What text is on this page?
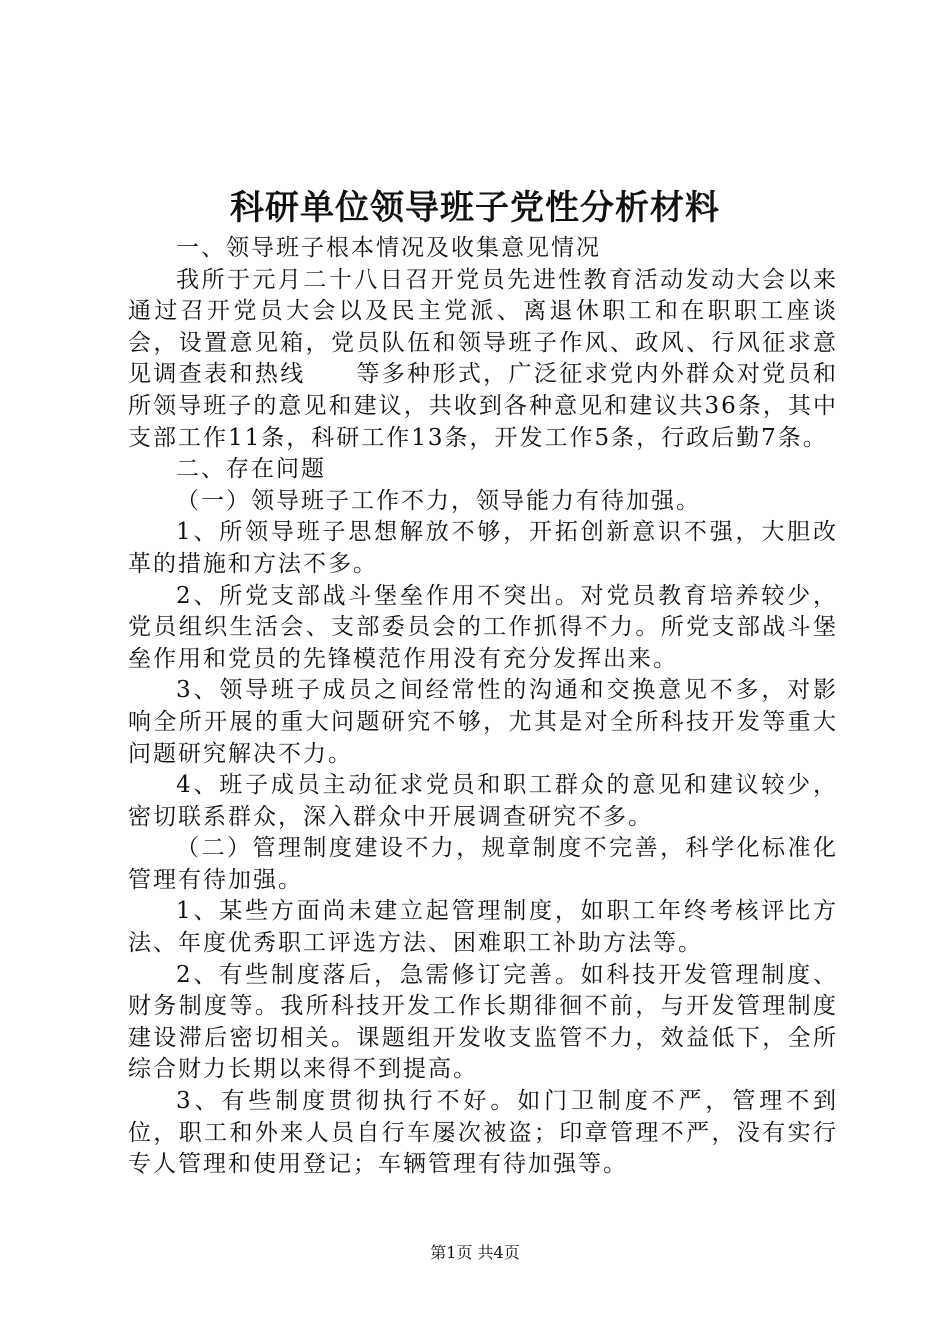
科研单位领导班子党性分析材料

一、领导班子根本情况及收集意见情况

我所于元月二十八日召开党员先进性教育活动发动大会以来通过召开党员大会以及民主党派、离退休职工和在职职工座谈会，设置意见箱，党员队伍和领导班子作风、政风、行风征求意见调查表和热线　　等多种形式，广泛征求党内外群众对党员和所领导班子的意见和建议，共收到各种意见和建议共36条，其中支部工作11条，科研工作13条，开发工作5条，行政后勤7条。

二、存在问题

（一）领导班子工作不力，领导能力有待加强。

1、所领导班子思想解放不够，开拓创新意识不强，大胆改革的措施和方法不多。

2、所党支部战斗堡垒作用不突出。对党员教育培养较少，党员组织生活会、支部委员会的工作抓得不力。所党支部战斗堡垒作用和党员的先锋模范作用没有充分发挥出来。

3、领导班子成员之间经常性的沟通和交换意见不多，对影响全所开展的重大问题研究不够，尤其是对全所科技开发等重大问题研究解决不力。

4、班子成员主动征求党员和职工群众的意见和建议较少，密切联系群众，深入群众中开展调查研究不多。

（二）管理制度建设不力，规章制度不完善，科学化标准化管理有待加强。

1、某些方面尚未建立起管理制度，如职工年终考核评比方法、年度优秀职工评选方法、困难职工补助方法等。

2、有些制度落后，急需修订完善。如科技开发管理制度、财务制度等。我所科技开发工作长期徘徊不前，与开发管理制度建设滞后密切相关。课题组开发收支监管不力，效益低下，全所综合财力长期以来得不到提高。

3、有些制度贯彻执行不好。如门卫制度不严，管理不到位，职工和外来人员自行车屡次被盗；印章管理不严，没有实行专人管理和使用登记；车辆管理有待加强等。

第1页 共4页
